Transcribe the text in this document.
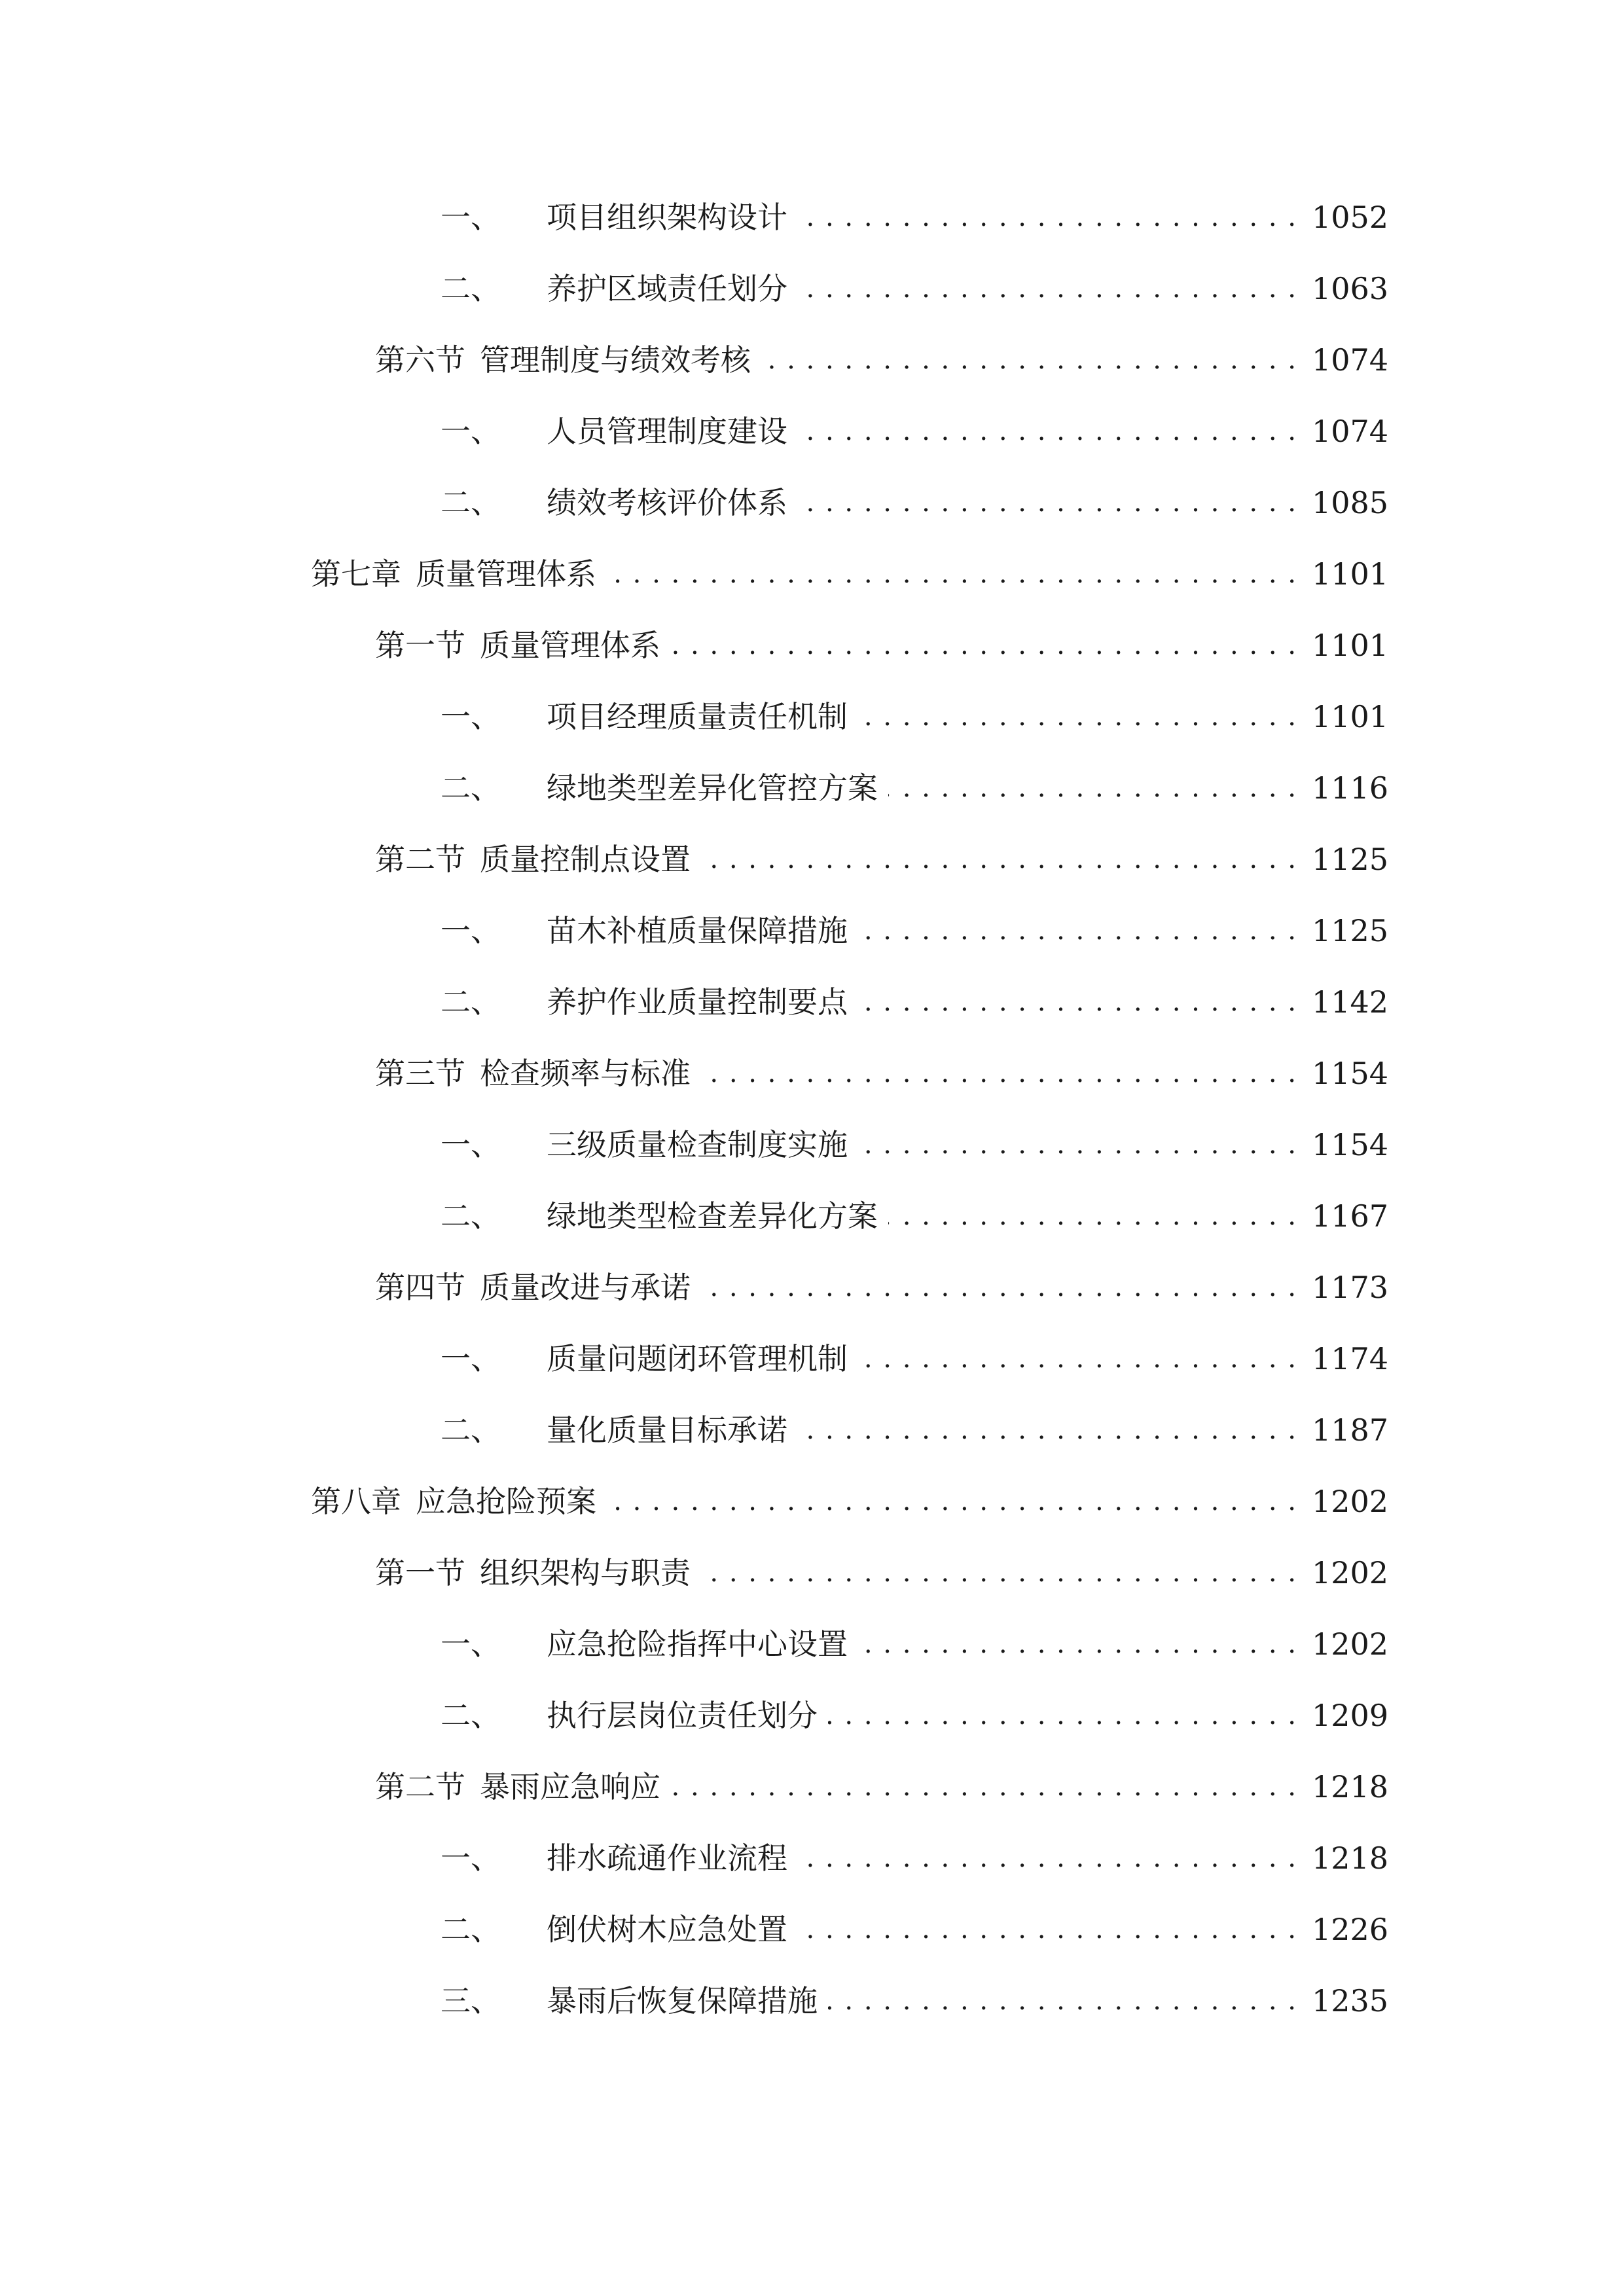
一、 项目组织架构设计 . . .	1052
二、 养护区域责任划分 . . .	1063
第六节 管理制度与绩效考核 . . .	1074
一、 人员管理制度建设 . . .	1074
二、 绩效考核评价体系 . . .	1085
第七章 质量管理体系 . . .	1101
第一节 质量管理体系 . . .	1101
一、 项目经理质量责任机制 . . .	1101
二、 绿地类型差异化管控方案 . . .	1116
第二节 质量控制点设置 . . .	1125
一、 苗木补植质量保障措施 . . .	1125
二、 养护作业质量控制要点 . . .	1142
第三节 检查频率与标准 . . .	1154
一、 三级质量检查制度实施 . . .	1154
二、 绿地类型检查差异化方案 . . .	1167
第四节 质量改进与承诺 . . .	1173
一、 质量问题闭环管理机制 . . .	1174
二、 量化质量目标承诺 . . .	1187
第八章 应急抢险预案 . . .	1202
第一节 组织架构与职责 . . .	1202
一、 应急抢险指挥中心设置 . . .	1202
二、 执行层岗位责任划分 . . .	1209
第二节 暴雨应急响应 . . .	1218
一、 排水疏通作业流程 . . .	1218
二、 倒伏树木应急处置 . . .	1226
三、 暴雨后恢复保障措施 . . .	1235
